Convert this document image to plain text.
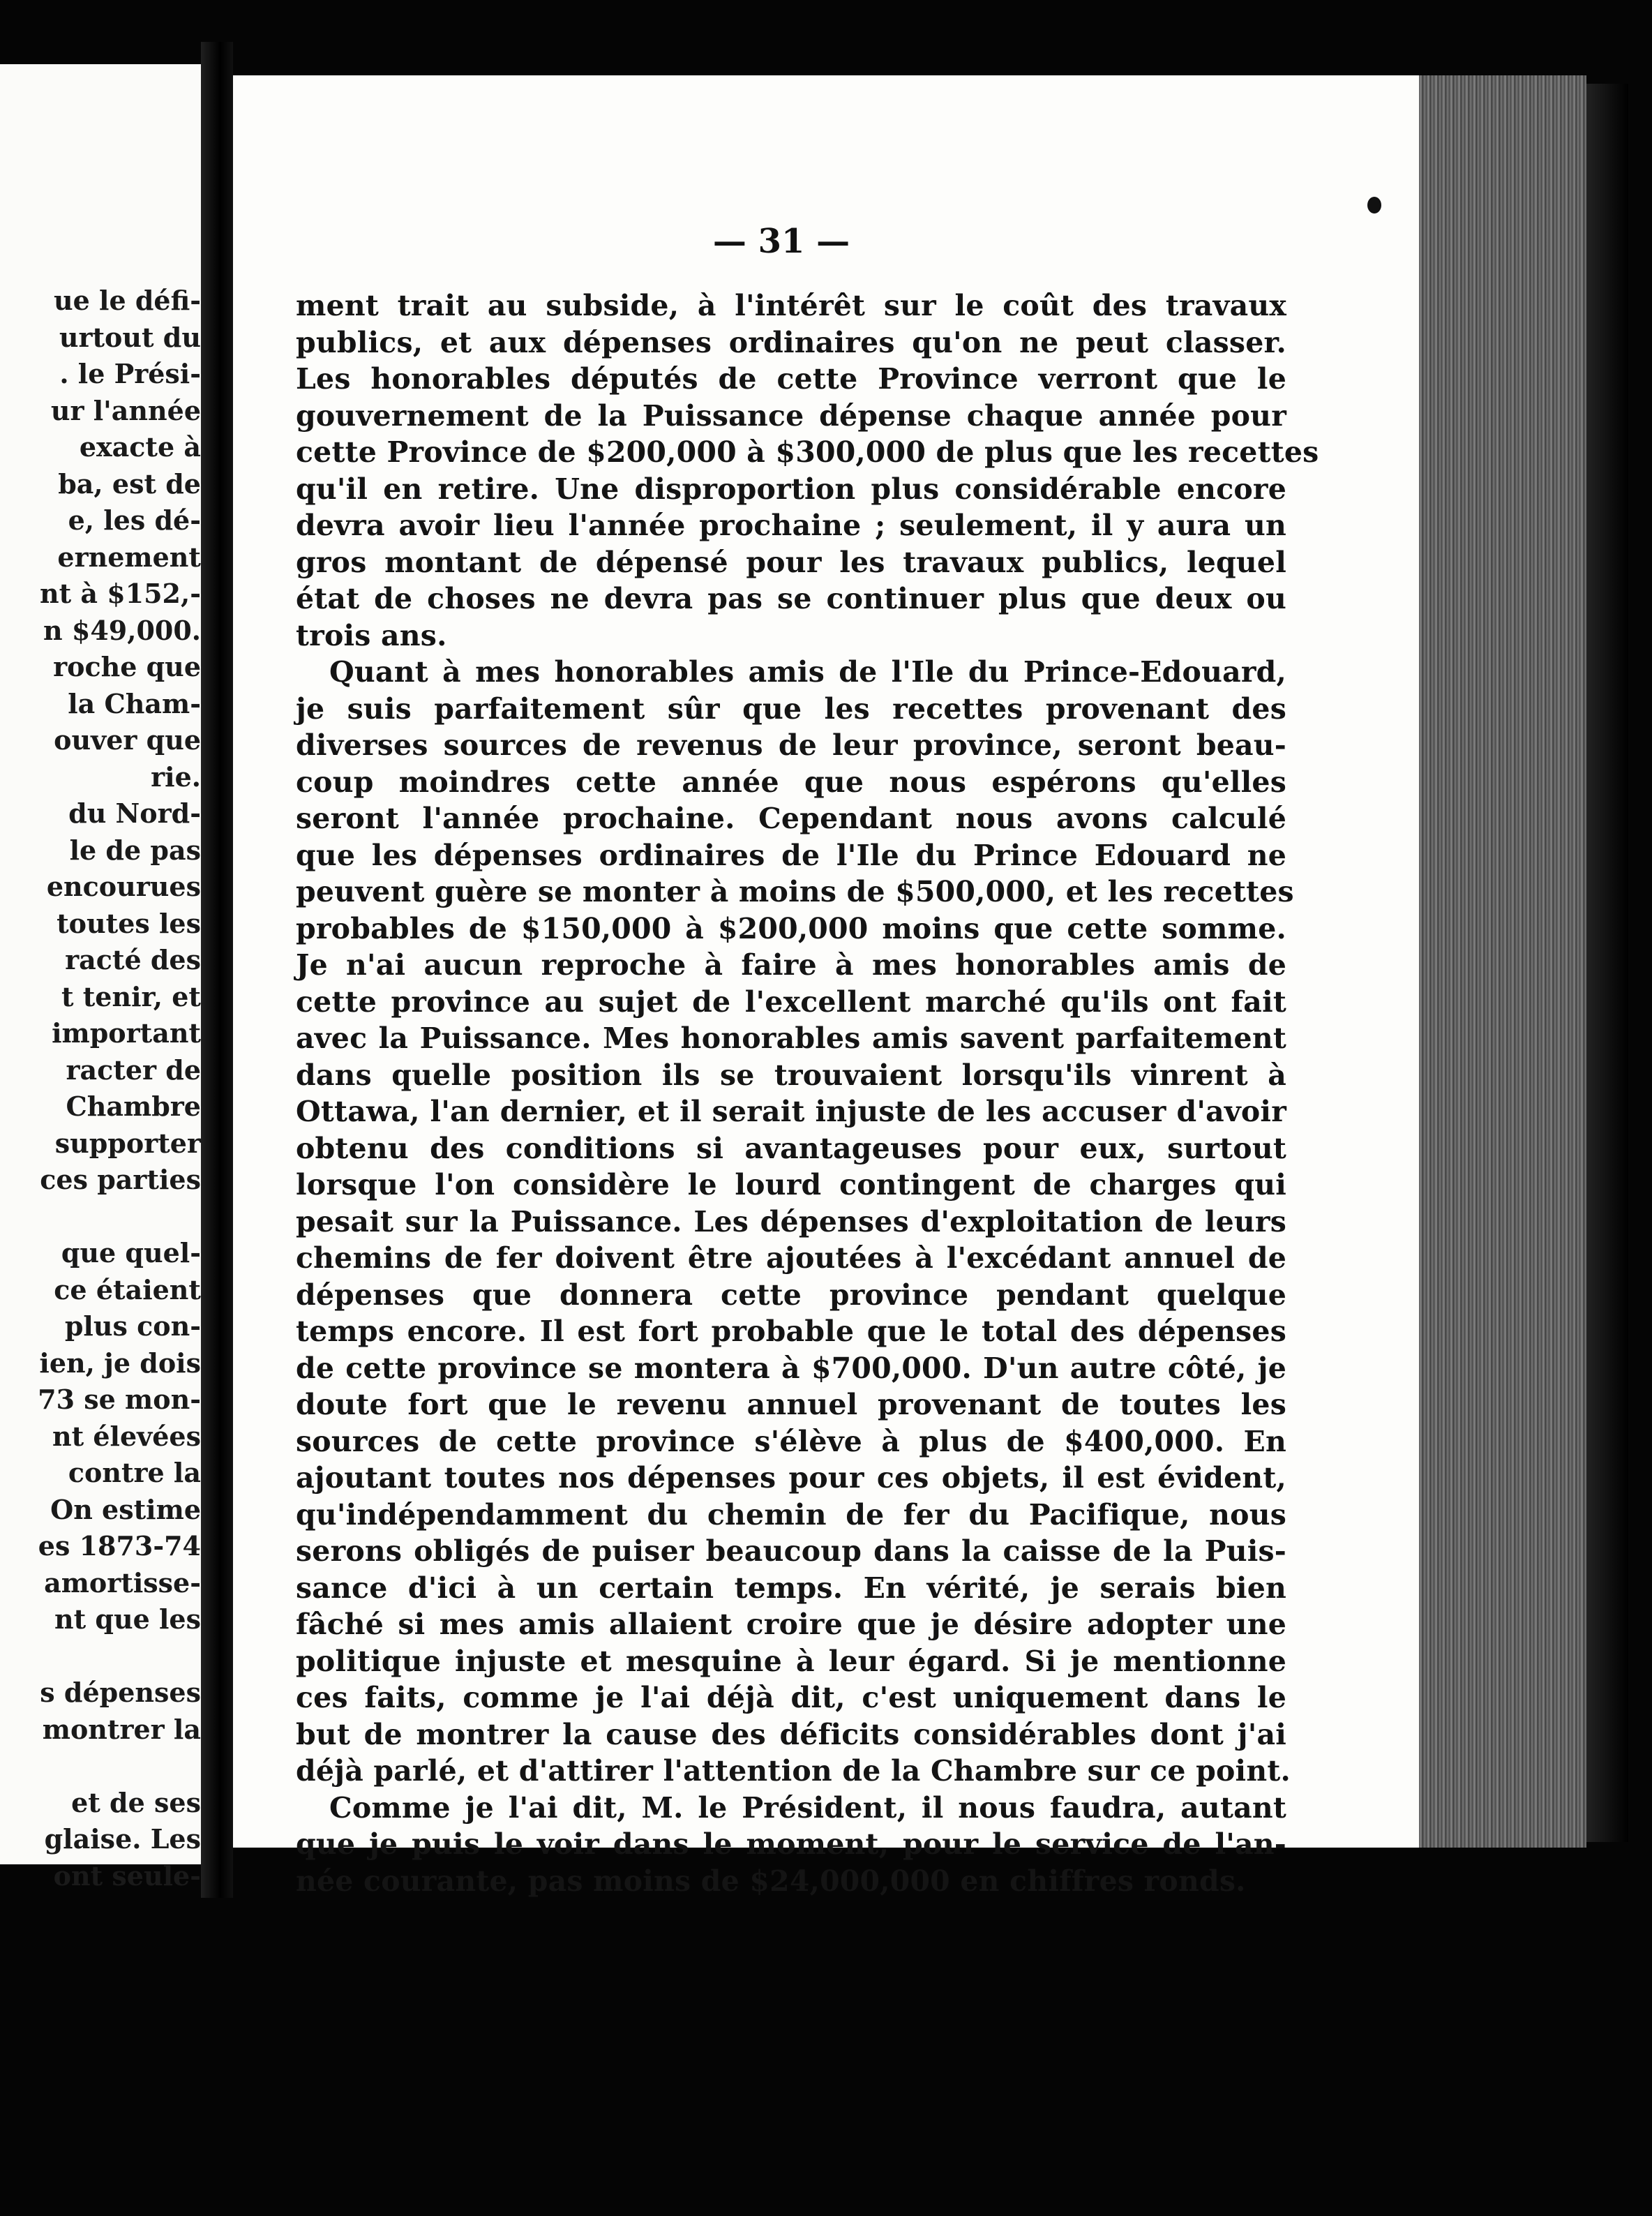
ue le défi-
urtout du
. le Prési-
ur l'année
exacte à
ba, est de
e, les dé-
ernement
nt à $152,-
n $49,000.
roche que
la Cham-
ouver que
rie.
du Nord-
le de pas
encourues
toutes les
racté des
t tenir, et
important
racter de
Chambre
supporter
ces parties
que quel-
ce étaient
plus con-
ien, je dois
73 se mon-
nt élevées
contre la
On estime
es 1873-74
amortisse-
nt que les
s dépenses
montrer la
et de ses
glaise. Les
ont seule-
— 31 —
ment trait au subside, à l'intérêt sur le coût des travaux
publics, et aux dépenses ordinaires qu'on ne peut classer.
Les honorables députés de cette Province verront que le
gouvernement de la Puissance dépense chaque année pour
cette Province de $200,000 à $300,000 de plus que les recettes
qu'il en retire. Une disproportion plus considérable encore
devra avoir lieu l'année prochaine ; seulement, il y aura un
gros montant de dépensé pour les travaux publics, lequel
état de choses ne devra pas se continuer plus que deux ou
trois ans.
Quant à mes honorables amis de l'Ile du Prince-Edouard,
je suis parfaitement sûr que les recettes provenant des
diverses sources de revenus de leur province, seront beau-
coup moindres cette année que nous espérons qu'elles
seront l'année prochaine. Cependant nous avons calculé
que les dépenses ordinaires de l'Ile du Prince Edouard ne
peuvent guère se monter à moins de $500,000, et les recettes
probables de $150,000 à $200,000 moins que cette somme.
Je n'ai aucun reproche à faire à mes honorables amis de
cette province au sujet de l'excellent marché qu'ils ont fait
avec la Puissance. Mes honorables amis savent parfaitement
dans quelle position ils se trouvaient lorsqu'ils vinrent à
Ottawa, l'an dernier, et il serait injuste de les accuser d'avoir
obtenu des conditions si avantageuses pour eux, surtout
lorsque l'on considère le lourd contingent de charges qui
pesait sur la Puissance. Les dépenses d'exploitation de leurs
chemins de fer doivent être ajoutées à l'excédant annuel de
dépenses que donnera cette province pendant quelque
temps encore. Il est fort probable que le total des dépenses
de cette province se montera à $700,000. D'un autre côté, je
doute fort que le revenu annuel provenant de toutes les
sources de cette province s'élève à plus de $400,000. En
ajoutant toutes nos dépenses pour ces objets, il est évident,
qu'indépendamment du chemin de fer du Pacifique, nous
serons obligés de puiser beaucoup dans la caisse de la Puis-
sance d'ici à un certain temps. En vérité, je serais bien
fâché si mes amis allaient croire que je désire adopter une
politique injuste et mesquine à leur égard. Si je mentionne
ces faits, comme je l'ai déjà dit, c'est uniquement dans le
but de montrer la cause des déficits considérables dont j'ai
déjà parlé, et d'attirer l'attention de la Chambre sur ce point.
Comme je l'ai dit, M. le Président, il nous faudra, autant
que je puis le voir dans le moment, pour le service de l'an-
née courante, pas moins de $24,000,000 en chiffres ronds.
